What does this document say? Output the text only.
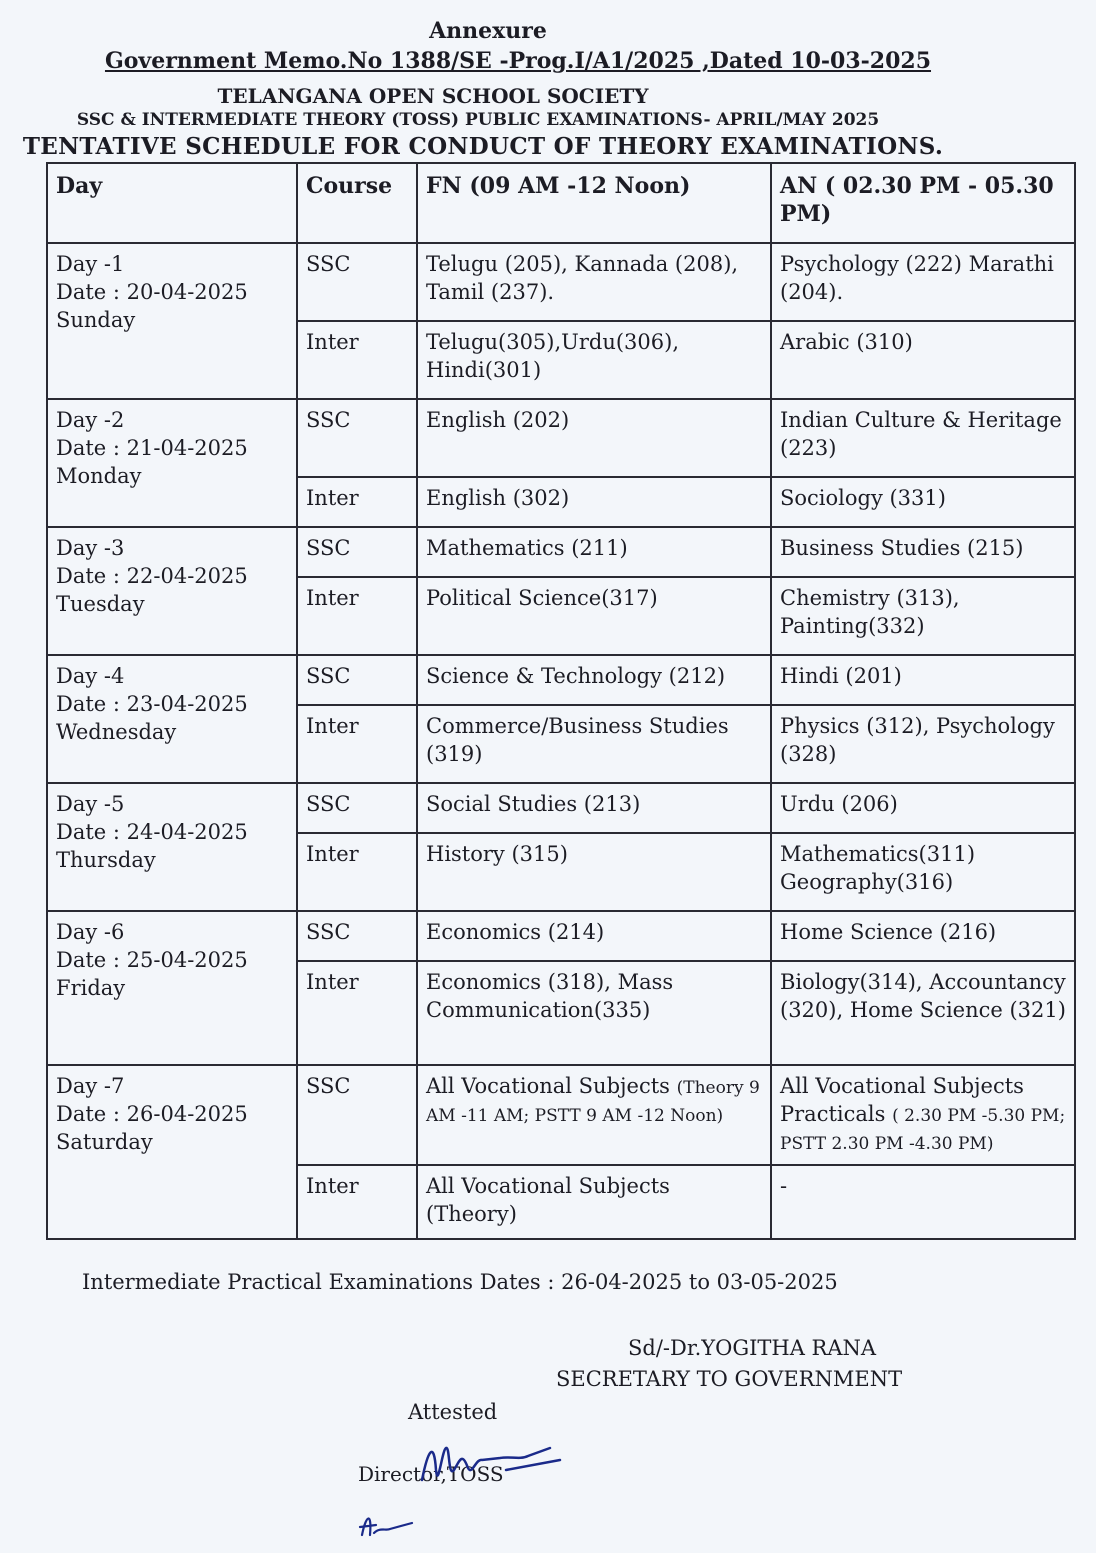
Annexure
Government Memo.No 1388/SE -Prog.I/A1/2025 ,Dated 10-03-2025
TELANGANA OPEN SCHOOL SOCIETY
SSC & INTERMEDIATE THEORY (TOSS) PUBLIC EXAMINATIONS- APRIL/MAY 2025
TENTATIVE SCHEDULE FOR CONDUCT OF THEORY EXAMINATIONS.
Day	Course	FN (09 AM -12 Noon)	AN ( 02.30 PM - 05.30 PM)

Day -1
Date : 20-04-2025
Sunday	SSC	Telugu (205), Kannada (208), Tamil (237).	Psychology (222) Marathi (204).
	Inter	Telugu(305),Urdu(306), Hindi(301)	Arabic (310)

Day -2
Date : 21-04-2025
Monday	SSC	English (202)	Indian Culture & Heritage (223)
	Inter	English (302)	Sociology (331)

Day -3
Date : 22-04-2025
Tuesday	SSC	Mathematics (211)	Business Studies (215)
	Inter	Political Science(317)	Chemistry (313), Painting(332)

Day -4
Date : 23-04-2025
Wednesday	SSC	Science & Technology (212)	Hindi (201)
	Inter	Commerce/Business Studies (319)	Physics (312), Psychology (328)

Day -5
Date : 24-04-2025
Thursday	SSC	Social Studies (213)	Urdu (206)
	Inter	History (315)	Mathematics(311) Geography(316)

Day -6
Date : 25-04-2025
Friday	SSC	Economics (214)	Home Science (216)
	Inter	Economics (318), Mass Communication(335)	Biology(314), Accountancy (320), Home Science (321)

Day -7
Date : 26-04-2025
Saturday	SSC	All Vocational Subjects (Theory 9 AM -11 AM; PSTT 9 AM -12 Noon)	All Vocational Subjects Practicals ( 2.30 PM -5.30 PM; PSTT 2.30 PM -4.30 PM)
	Inter	All Vocational Subjects (Theory)	-
Intermediate Practical Examinations Dates : 26-04-2025 to 03-05-2025
Sd/-Dr.YOGITHA RANA
SECRETARY TO GOVERNMENT
Attested
Director,TOSS
